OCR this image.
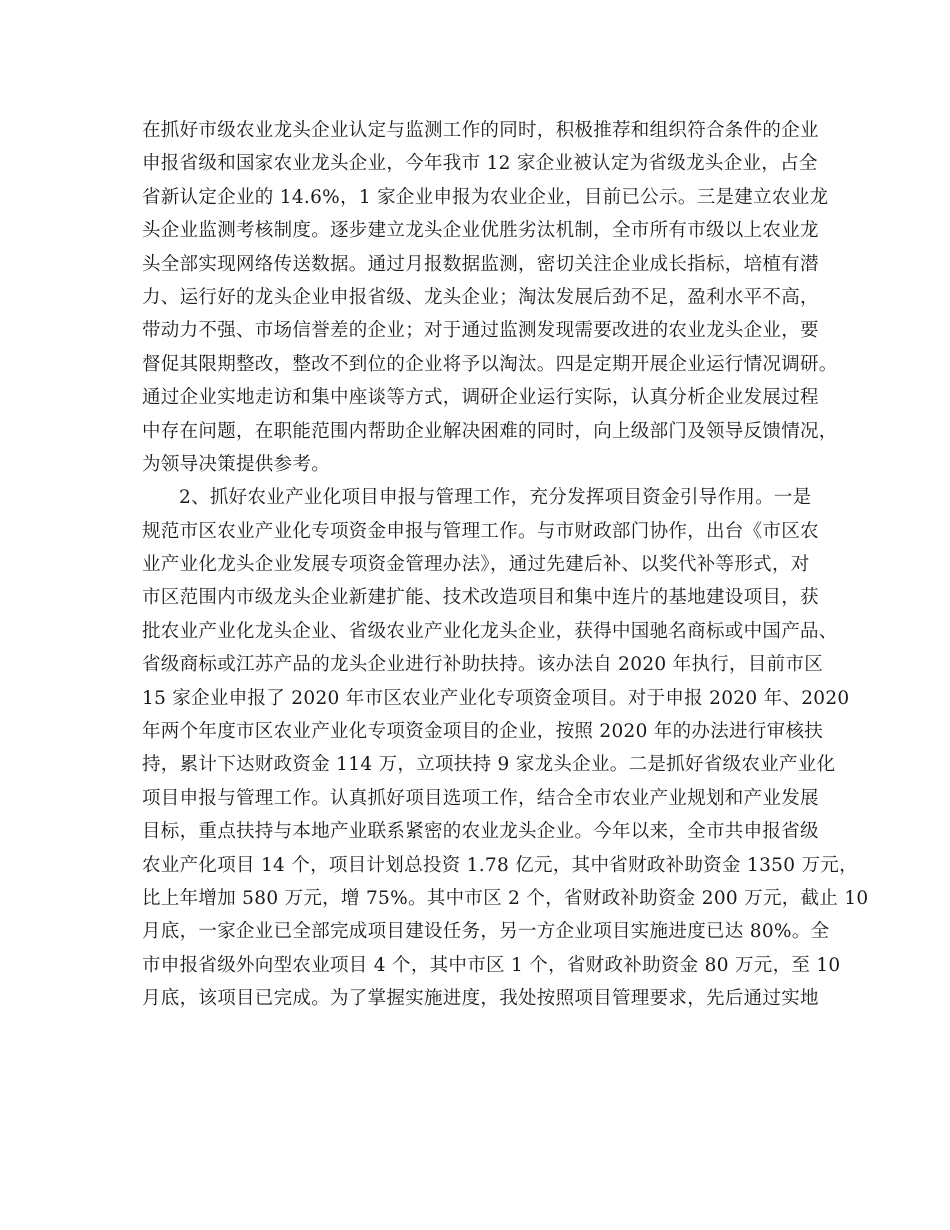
在抓好市级农业龙头企业认定与监测工作的同时，积极推荐和组织符合条件的企业
申报省级和国家农业龙头企业，今年我市 12 家企业被认定为省级龙头企业，占全
省新认定企业的 14.6%，1 家企业申报为农业企业，目前已公示。三是建立农业龙
头企业监测考核制度。逐步建立龙头企业优胜劣汰机制，全市所有市级以上农业龙
头全部实现网络传送数据。通过月报数据监测，密切关注企业成长指标，培植有潜
力、运行好的龙头企业申报省级、龙头企业；淘汰发展后劲不足，盈利水平不高，
带动力不强、市场信誉差的企业；对于通过监测发现需要改进的农业龙头企业，要
督促其限期整改，整改不到位的企业将予以淘汰。四是定期开展企业运行情况调研。
通过企业实地走访和集中座谈等方式，调研企业运行实际，认真分析企业发展过程
中存在问题，在职能范围内帮助企业解决困难的同时，向上级部门及领导反馈情况，
为领导决策提供参考。
2、抓好农业产业化项目申报与管理工作，充分发挥项目资金引导作用。一是
规范市区农业产业化专项资金申报与管理工作。与市财政部门协作，出台《市区农
业产业化龙头企业发展专项资金管理办法》，通过先建后补、以奖代补等形式，对
市区范围内市级龙头企业新建扩能、技术改造项目和集中连片的基地建设项目，获
批农业产业化龙头企业、省级农业产业化龙头企业，获得中国驰名商标或中国产品、
省级商标或江苏产品的龙头企业进行补助扶持。该办法自 2020 年执行，目前市区
15 家企业申报了 2020 年市区农业产业化专项资金项目。对于申报 2020 年、2020
年两个年度市区农业产业化专项资金项目的企业，按照 2020 年的办法进行审核扶
持，累计下达财政资金 114 万，立项扶持 9 家龙头企业。二是抓好省级农业产业化
项目申报与管理工作。认真抓好项目选项工作，结合全市农业产业规划和产业发展
目标，重点扶持与本地产业联系紧密的农业龙头企业。今年以来，全市共申报省级
农业产化项目 14 个，项目计划总投资 1.78 亿元，其中省财政补助资金 1350 万元，
比上年增加 580 万元，增 75%。其中市区 2 个，省财政补助资金 200 万元，截止 10
月底，一家企业已全部完成项目建设任务，另一方企业项目实施进度已达 80%。全
市申报省级外向型农业项目 4 个，其中市区 1 个，省财政补助资金 80 万元，至 10
月底，该项目已完成。为了掌握实施进度，我处按照项目管理要求，先后通过实地
